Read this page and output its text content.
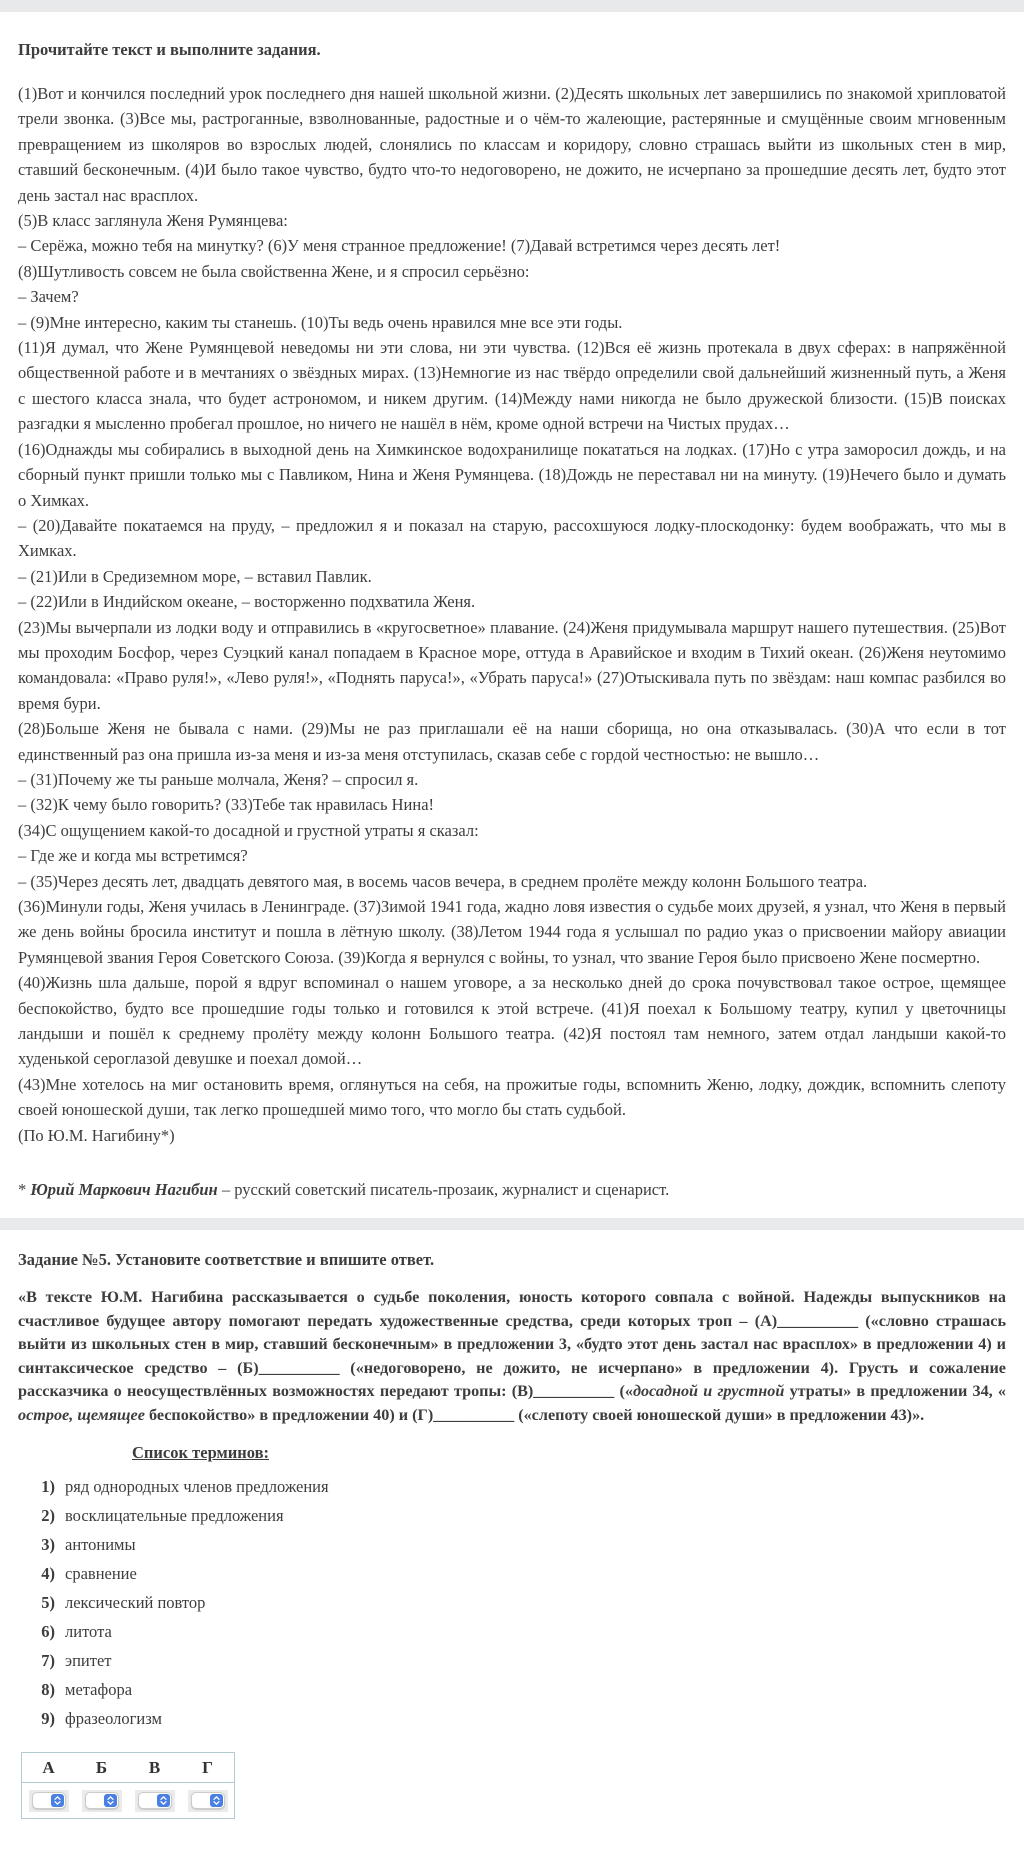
Прочитайте текст и выполните задания.

(1)Вот и кончился последний урок последнего дня нашей школьной жизни. (2)Десять школьных лет завершились по знакомой хрипловатой трели звонка. (3)Все мы, растроганные, взволнованные, радостные и о чём-то жалеющие, растерянные и смущённые своим мгновенным превращением из школяров во взрослых людей, слонялись по классам и коридору, словно страшась выйти из школьных стен в мир, ставший бесконечным. (4)И было такое чувство, будто что-то недоговорено, не дожито, не исчерпано за прошедшие десять лет, будто этот день застал нас врасплох.

(5)В класс заглянула Женя Румянцева:

– Серёжа, можно тебя на минутку? (6)У меня странное предложение! (7)Давай встретимся через десять лет!

(8)Шутливость совсем не была свойственна Жене, и я спросил серьёзно:

– Зачем?

– (9)Мне интересно, каким ты станешь. (10)Ты ведь очень нравился мне все эти годы.

(11)Я думал, что Жене Румянцевой неведомы ни эти слова, ни эти чувства. (12)Вся её жизнь протекала в двух сферах: в напряжённой общественной работе и в мечтаниях о звёздных мирах. (13)Немногие из нас твёрдо определили свой дальнейший жизненный путь, а Женя с шестого класса знала, что будет астрономом, и никем другим. (14)Между нами никогда не было дружеской близости. (15)В поисках разгадки я мысленно пробегал прошлое, но ничего не нашёл в нём, кроме одной встречи на Чистых прудах…

(16)Однажды мы собирались в выходной день на Химкинское водохранилище покататься на лодках. (17)Но с утра заморосил дождь, и на сборный пункт пришли только мы с Павликом, Нина и Женя Румянцева. (18)Дождь не переставал ни на минуту. (19)Нечего было и думать о Химках.

– (20)Давайте покатаемся на пруду, – предложил я и показал на старую, рассохшуюся лодку-плоскодонку: будем воображать, что мы в Химках.

– (21)Или в Средиземном море, – вставил Павлик.

– (22)Или в Индийском океане, – восторженно подхватила Женя.

(23)Мы вычерпали из лодки воду и отправились в «кругосветное» плавание. (24)Женя придумывала маршрут нашего путешествия. (25)Вот мы проходим Босфор, через Суэцкий канал попадаем в Красное море, оттуда в Аравийское и входим в Тихий океан. (26)Женя неутомимо командовала: «Право руля!», «Лево руля!», «Поднять паруса!», «Убрать паруса!» (27)Отыскивала путь по звёздам: наш компас разбился во время бури.

(28)Больше Женя не бывала с нами. (29)Мы не раз приглашали её на наши сборища, но она отказывалась. (30)А что если в тот единственный раз она пришла из-за меня и из-за меня отступилась, сказав себе с гордой честностью: не вышло…

– (31)Почему же ты раньше молчала, Женя? – спросил я.

– (32)К чему было говорить? (33)Тебе так нравилась Нина!

(34)С ощущением какой-то досадной и грустной утраты я сказал:

– Где же и когда мы встретимся?

– (35)Через десять лет, двадцать девятого мая, в восемь часов вечера, в среднем пролёте между колонн Большого театра.

(36)Минули годы, Женя училась в Ленинграде. (37)Зимой 1941 года, жадно ловя известия о судьбе моих друзей, я узнал, что Женя в первый же день войны бросила институт и пошла в лётную школу. (38)Летом 1944 года я услышал по радио указ о присвоении майору авиации Румянцевой звания Героя Советского Союза. (39)Когда я вернулся с войны, то узнал, что звание Героя было присвоено Жене посмертно.

(40)Жизнь шла дальше, порой я вдруг вспоминал о нашем уговоре, а за несколько дней до срока почувствовал такое острое, щемящее беспокойство, будто все прошедшие годы только и готовился к этой встрече. (41)Я поехал к Большому театру, купил у цветочницы ландыши и пошёл к среднему пролёту между колонн Большого театра. (42)Я постоял там немного, затем отдал ландыши какой-то худенькой сероглазой девушке и поехал домой…

(43)Мне хотелось на миг остановить время, оглянуться на себя, на прожитые годы, вспомнить Женю, лодку, дождик, вспомнить слепоту своей юношеской души, так легко прошедшей мимо того, что могло бы стать судьбой.

(По Ю.М. Нагибину*)

* Юрий Маркович Нагибин – русский советский писатель-прозаик, журналист и сценарист.

Задание №5. Установите соответствие и впишите ответ.

«В тексте Ю.М. Нагибина рассказывается о судьбе поколения, юность которого совпала с войной. Надежды выпускников на счастливое будущее автору помогают передать художественные средства, среди которых троп – (А)__________ («словно страшась выйти из школьных стен в мир, ставший бесконечным» в предложении 3, «будто этот день застал нас врасплох» в предложении 4) и синтаксическое средство – (Б)__________ («недоговорено, не дожито, не исчерпано» в предложении 4). Грусть и сожаление рассказчика о неосуществлённых возможностях передают тропы: (В)__________ («досадной и грустной утраты» в предложении 34, « острое, щемящее беспокойство» в предложении 40) и (Г)__________ («слепоту своей юношеской души» в предложении 43)».

Список терминов:
1) ряд однородных членов предложения
2) восклицательные предложения
3) антонимы
4) сравнение
5) лексический повтор
6) литота
7) эпитет
8) метафора
9) фразеологизм
А	Б	В	Г
